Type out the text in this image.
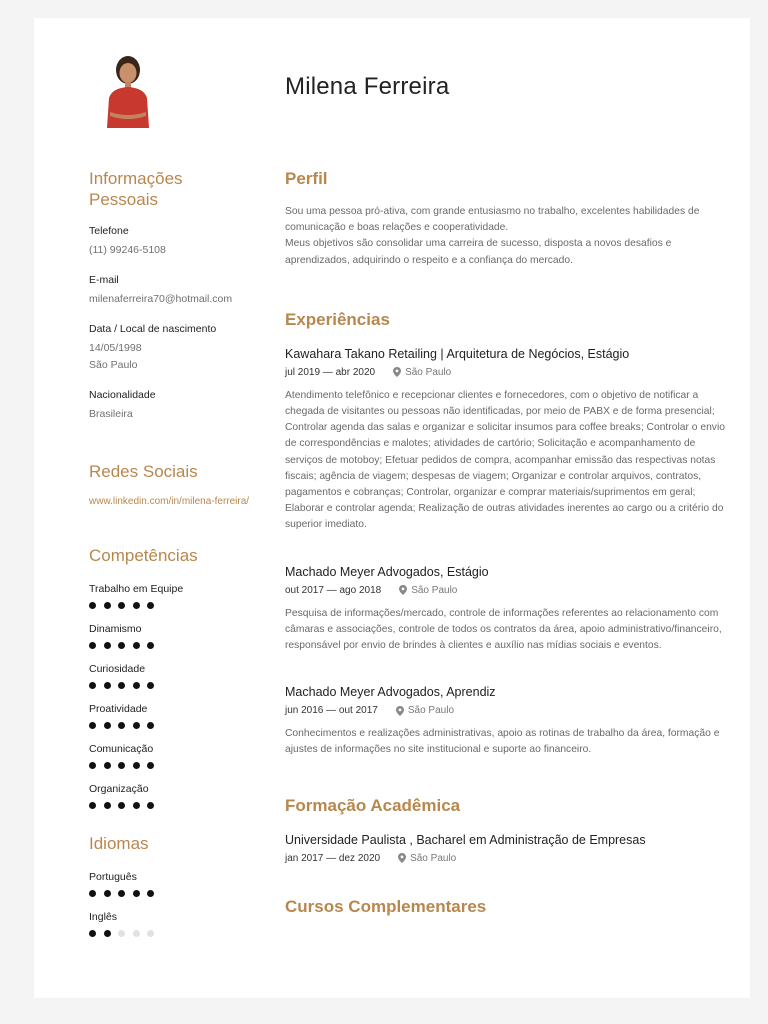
Milena Ferreira
Informações Pessoais
Telefone
(11) 99246-5108
E-mail
milenaferreira70@hotmail.com
Data / Local de nascimento
14/05/1998
São Paulo
Nacionalidade
Brasileira
Redes Sociais
www.linkedin.com/in/milena-ferreira/
Competências
Trabalho em Equipe
Dinamismo
Curiosidade
Proatividade
Comunicação
Organização
Idiomas
Português
Inglês
Perfil
Sou uma pessoa pró-ativa, com grande entusiasmo no trabalho, excelentes habilidades de comunicação e boas relações e cooperatividade.
Meus objetivos são consolidar uma carreira de sucesso, disposta a novos desafios e aprendizados, adquirindo o respeito e a confiança do mercado.
Experiências
Kawahara Takano Retailing | Arquitetura de Negócios, Estágio
jul 2019 — abr 2020	São Paulo
Atendimento telefônico e recepcionar clientes e fornecedores, com o objetivo de notificar a chegada de visitantes ou pessoas não identificadas, por meio de PABX e de forma presencial; Controlar agenda das salas e organizar e solicitar insumos para coffee breaks; Controlar o envio de correspondências e malotes; atividades de cartório; Solicitação e acompanhamento de serviços de motoboy; Efetuar pedidos de compra, acompanhar emissão das respectivas notas fiscais; agência de viagem; despesas de viagem; Organizar e controlar arquivos, contratos, pagamentos e cobranças; Controlar, organizar e comprar materiais/suprimentos em geral; Elaborar e controlar agenda; Realização de outras atividades inerentes ao cargo ou a critério do superior imediato.
Machado Meyer Advogados, Estágio
out 2017 — ago 2018	São Paulo
Pesquisa de informações/mercado, controle de informações referentes ao relacionamento com câmaras e associações, controle de todos os contratos da área, apoio administrativo/financeiro, responsável por envio de brindes à clientes e auxílio nas mídias sociais e eventos.
Machado Meyer Advogados, Aprendiz
jun 2016 — out 2017	São Paulo
Conhecimentos e realizações administrativas, apoio as rotinas de trabalho da área, formação e ajustes de informações no site institucional e suporte ao financeiro.
Formação Acadêmica
Universidade Paulista , Bacharel em Administração de Empresas
jan 2017 — dez 2020	São Paulo
Cursos Complementares
